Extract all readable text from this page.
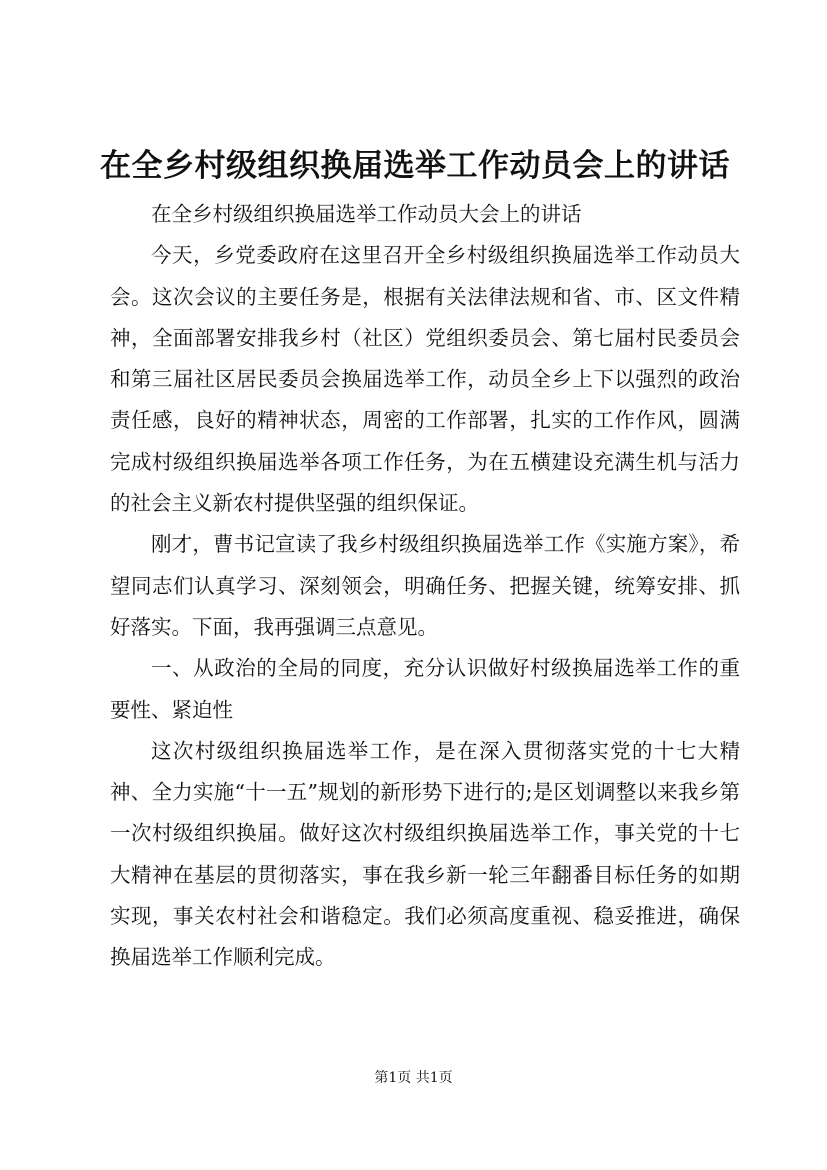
在全乡村级组织换届选举工作动员会上的讲话

在全乡村级组织换届选举工作动员大会上的讲话

今天，乡党委政府在这里召开全乡村级组织换届选举工作动员大会。这次会议的主要任务是，根据有关法律法规和省、市、区文件精神，全面部署安排我乡村（社区）党组织委员会、第七届村民委员会和第三届社区居民委员会换届选举工作，动员全乡上下以强烈的政治责任感，良好的精神状态，周密的工作部署，扎实的工作作风，圆满完成村级组织换届选举各项工作任务，为在五横建设充满生机与活力的社会主义新农村提供坚强的组织保证。

刚才，曹书记宣读了我乡村级组织换届选举工作《实施方案》，希望同志们认真学习、深刻领会，明确任务、把握关键，统筹安排、抓好落实。下面，我再强调三点意见。

一、从政治的全局的同度，充分认识做好村级换届选举工作的重要性、紧迫性

这次村级组织换届选举工作，是在深入贯彻落实党的十七大精神、全力实施“十一五”规划的新形势下进行的;是区划调整以来我乡第一次村级组织换届。做好这次村级组织换届选举工作，事关党的十七大精神在基层的贯彻落实，事在我乡新一轮三年翻番目标任务的如期实现，事关农村社会和谐稳定。我们必须高度重视、稳妥推进，确保换届选举工作顺利完成。

第1页 共1页
